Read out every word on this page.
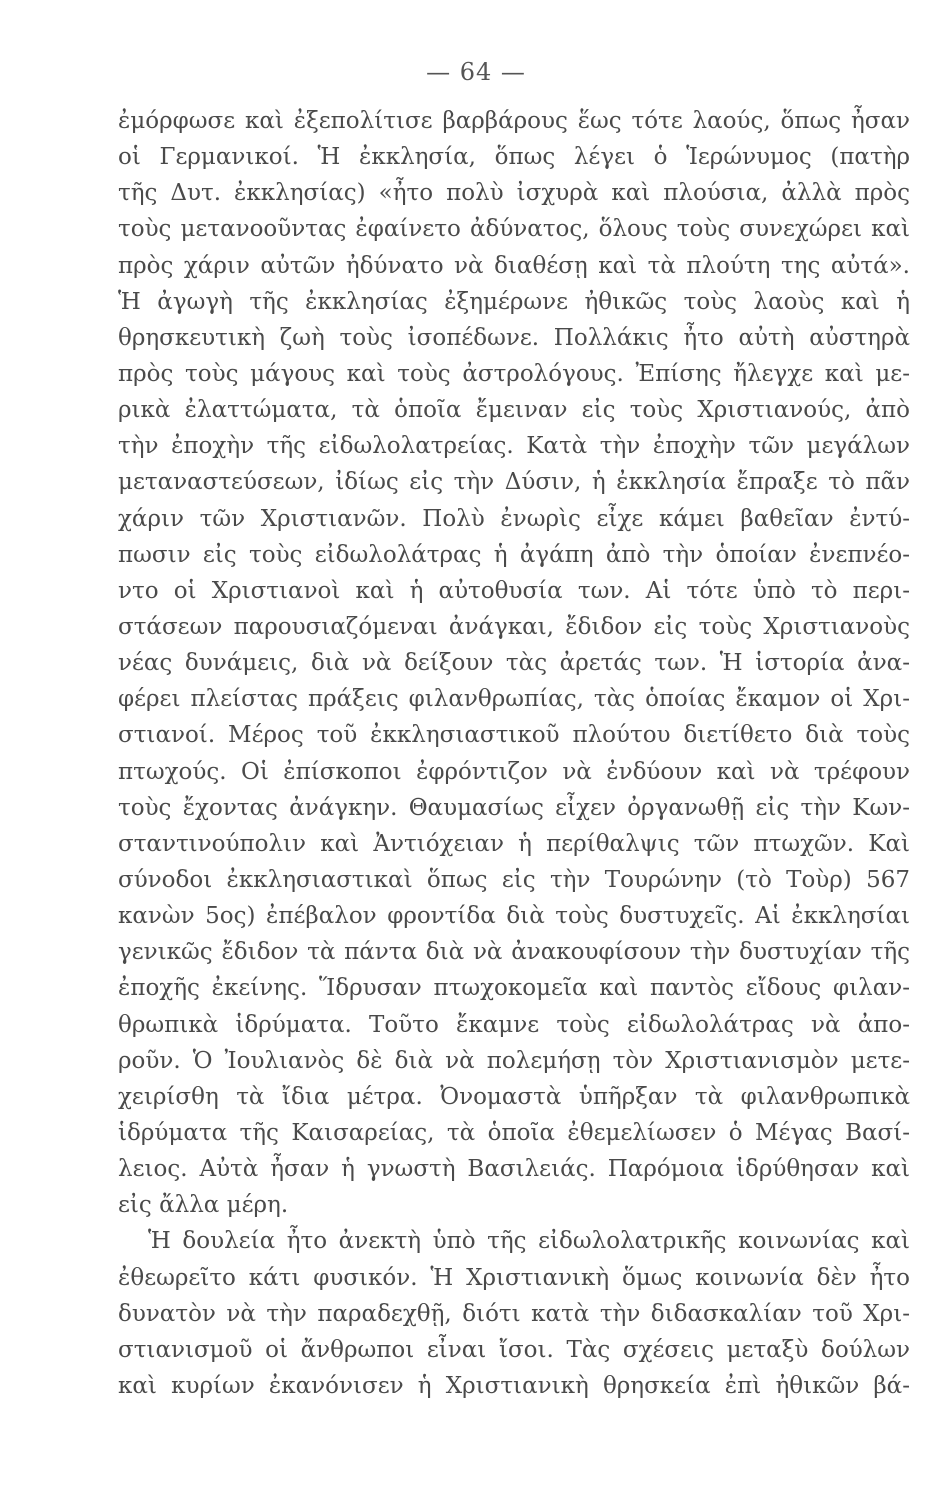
— 64 —
ἐμόρφωσε καὶ ἐξεπολίτισε βαρβάρους ἕως τότε λαούς, ὅπως ἦσαν
οἱ Γερμανικοί. Ἡ ἐκκλησία, ὅπως λέγει ὁ Ἱερώνυμος (πατὴρ
τῆς Δυτ. ἐκκλησίας) «ἦτο πολὺ ἰσχυρὰ καὶ πλούσια, ἀλλὰ πρὸς
τοὺς μετανοοῦντας ἐφαίνετο ἀδύνατος, ὅλους τοὺς συνεχώρει καὶ
πρὸς χάριν αὐτῶν ἠδύνατο νὰ διαθέσῃ καὶ τὰ πλούτη της αὐτά».
Ἡ ἀγωγὴ τῆς ἐκκλησίας ἐξημέρωνε ἠθικῶς τοὺς λαοὺς καὶ ἡ
θρησκευτικὴ ζωὴ τοὺς ἰσοπέδωνε. Πολλάκις ἦτο αὐτὴ αὐστηρὰ
πρὸς τοὺς μάγους καὶ τοὺς ἀστρολόγους. Ἐπίσης ἤλεγχε καὶ με-
ρικὰ ἐλαττώματα, τὰ ὁποῖα ἔμειναν εἰς τοὺς Χριστιανούς, ἀπὸ
τὴν ἐποχὴν τῆς εἰδωλολατρείας. Κατὰ τὴν ἐποχὴν τῶν μεγάλων
μεταναστεύσεων, ἰδίως εἰς τὴν Δύσιν, ἡ ἐκκλησία ἔπραξε τὸ πᾶν
χάριν τῶν Χριστιανῶν. Πολὺ ἐνωρὶς εἶχε κάμει βαθεῖαν ἐντύ-
πωσιν εἰς τοὺς εἰδωλολάτρας ἡ ἀγάπη ἀπὸ τὴν ὁποίαν ἐνεπνέο-
ντο οἱ Χριστιανοὶ καὶ ἡ αὐτοθυσία των. Αἱ τότε ὑπὸ τὸ περι-
στάσεων παρουσιαζόμεναι ἀνάγκαι, ἔδιδον εἰς τοὺς Χριστιανοὺς
νέας δυνάμεις, διὰ νὰ δείξουν τὰς ἀρετάς των. Ἡ ἱστορία ἀνα-
φέρει πλείστας πράξεις φιλανθρωπίας, τὰς ὁποίας ἔκαμον οἱ Χρι-
στιανοί. Μέρος τοῦ ἐκκλησιαστικοῦ πλούτου διετίθετο διὰ τοὺς
πτωχούς. Οἱ ἐπίσκοποι ἐφρόντιζον νὰ ἐνδύουν καὶ νὰ τρέφουν
τοὺς ἔχοντας ἀνάγκην. Θαυμασίως εἶχεν ὀργανωθῇ εἰς τὴν Κων-
σταντινούπολιν καὶ Ἀντιόχειαν ἡ περίθαλψις τῶν πτωχῶν. Καὶ
σύνοδοι ἐκκλησιαστικαὶ ὅπως εἰς τὴν Τουρώνην (τὸ Τοὺρ) 567
κανὼν 5ος) ἐπέβαλον φροντίδα διὰ τοὺς δυστυχεῖς. Αἱ ἐκκλησίαι
γενικῶς ἔδιδον τὰ πάντα διὰ νὰ ἀνακουφίσουν τὴν δυστυχίαν τῆς
ἐποχῆς ἐκείνης. Ἵδρυσαν πτωχοκομεῖα καὶ παντὸς εἴδους φιλαν-
θρωπικὰ ἱδρύματα. Τοῦτο ἔκαμνε τοὺς εἰδωλολάτρας νὰ ἀπο-
ροῦν. Ὁ Ἰουλιανὸς δὲ διὰ νὰ πολεμήσῃ τὸν Χριστιανισμὸν μετε-
χειρίσθη τὰ ἴδια μέτρα. Ὀνομαστὰ ὑπῆρξαν τὰ φιλανθρωπικὰ
ἱδρύματα τῆς Καισαρείας, τὰ ὁποῖα ἐθεμελίωσεν ὁ Μέγας Βασί-
λειος. Αὐτὰ ἦσαν ἡ γνωστὴ Βασιλειάς. Παρόμοια ἱδρύθησαν καὶ
εἰς ἄλλα μέρη.
Ἡ δουλεία ἦτο ἀνεκτὴ ὑπὸ τῆς εἰδωλολατρικῆς κοινωνίας καὶ
ἐθεωρεῖτο κάτι φυσικόν. Ἡ Χριστιανικὴ ὅμως κοινωνία δὲν ἦτο
δυνατὸν νὰ τὴν παραδεχθῇ, διότι κατὰ τὴν διδασκαλίαν τοῦ Χρι-
στιανισμοῦ οἱ ἄνθρωποι εἶναι ἴσοι. Τὰς σχέσεις μεταξὺ δούλων
καὶ κυρίων ἐκανόνισεν ἡ Χριστιανικὴ θρησκεία ἐπὶ ἠθικῶν βά-
